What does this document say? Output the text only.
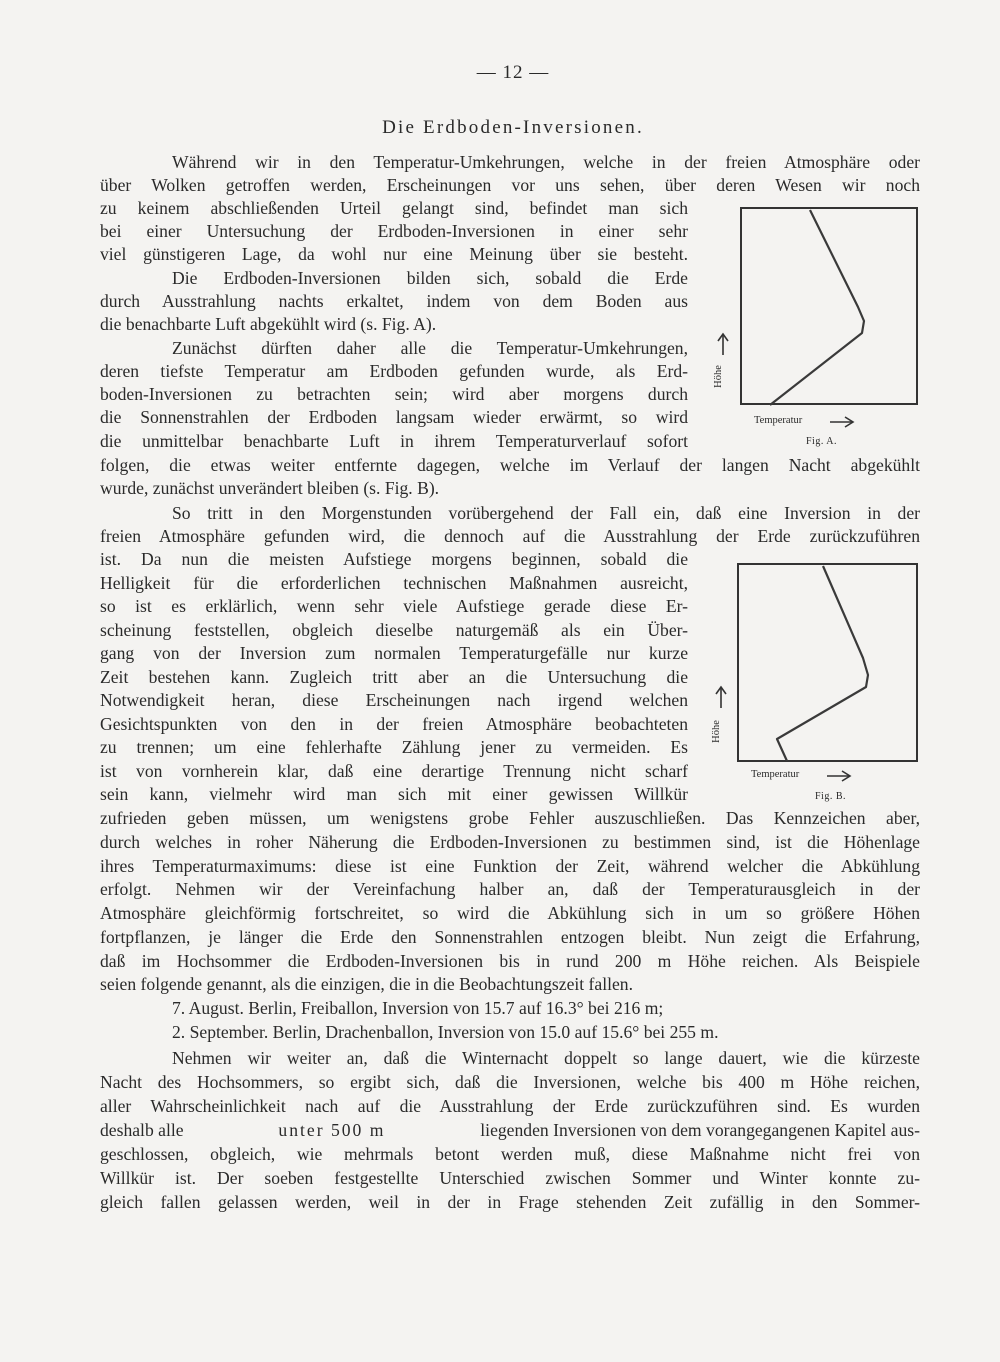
— 12 —
Die Erdboden-Inversionen.
Während wir in den Temperatur-Umkehrungen, welche in der freien Atmosphäre oder
über Wolken getroffen werden, Erscheinungen vor uns sehen, über deren Wesen wir noch
zu keinem abschließenden Urteil gelangt sind, befindet man sich
bei einer Untersuchung der Erdboden-Inversionen in einer sehr
viel günstigeren Lage, da wohl nur eine Meinung über sie besteht.
Die Erdboden-Inversionen bilden sich, sobald die Erde
durch Ausstrahlung nachts erkaltet, indem von dem Boden aus
die benachbarte Luft abgekühlt wird (s. Fig. A).
Zunächst dürften daher alle die Temperatur-Umkehrungen,
deren tiefste Temperatur am Erdboden gefunden wurde, als Erd-
boden-Inversionen zu betrachten sein; wird aber morgens durch
die Sonnenstrahlen der Erdboden langsam wieder erwärmt, so wird
die unmittelbar benachbarte Luft in ihrem Temperaturverlauf sofort
folgen, die etwas weiter entfernte dagegen, welche im Verlauf der langen Nacht abgekühlt
wurde, zunächst unverändert bleiben (s. Fig. B).
So tritt in den Morgenstunden vorübergehend der Fall ein, daß eine Inversion in der
freien Atmosphäre gefunden wird, die dennoch auf die Ausstrahlung der Erde zurückzuführen
ist. Da nun die meisten Aufstiege morgens beginnen, sobald die
Helligkeit für die erforderlichen technischen Maßnahmen ausreicht,
so ist es erklärlich, wenn sehr viele Aufstiege gerade diese Er-
scheinung feststellen, obgleich dieselbe naturgemäß als ein Über-
gang von der Inversion zum normalen Temperaturgefälle nur kurze
Zeit bestehen kann. Zugleich tritt aber an die Untersuchung die
Notwendigkeit heran, diese Erscheinungen nach irgend welchen
Gesichtspunkten von den in der freien Atmosphäre beobachteten
zu trennen; um eine fehlerhafte Zählung jener zu vermeiden. Es
ist von vornherein klar, daß eine derartige Trennung nicht scharf
sein kann, vielmehr wird man sich mit einer gewissen Willkür
zufrieden geben müssen, um wenigstens grobe Fehler auszuschließen. Das Kennzeichen aber,
durch welches in roher Näherung die Erdboden-Inversionen zu bestimmen sind, ist die Höhenlage
ihres Temperaturmaximums: diese ist eine Funktion der Zeit, während welcher die Abkühlung
erfolgt. Nehmen wir der Vereinfachung halber an, daß der Temperaturausgleich in der
Atmosphäre gleichförmig fortschreitet, so wird die Abkühlung sich in um so größere Höhen
fortpflanzen, je länger die Erde den Sonnenstrahlen entzogen bleibt. Nun zeigt die Erfahrung,
daß im Hochsommer die Erdboden-Inversionen bis in rund 200 m Höhe reichen. Als Beispiele
seien folgende genannt, als die einzigen, die in die Beobachtungszeit fallen.
7. August. Berlin, Freiballon, Inversion von 15.7 auf 16.3° bei 216 m;
2. September. Berlin, Drachenballon, Inversion von 15.0 auf 15.6° bei 255 m.
Nehmen wir weiter an, daß die Winternacht doppelt so lange dauert, wie die kürzeste
Nacht des Hochsommers, so ergibt sich, daß die Inversionen, welche bis 400 m Höhe reichen,
aller Wahrscheinlichkeit nach auf die Ausstrahlung der Erde zurückzuführen sind. Es wurden
deshalb alle	unter 500 m	liegenden Inversionen von dem vorangegangenen Kapitel aus-
geschlossen, obgleich, wie mehrmals betont werden muß, diese Maßnahme nicht frei von
Willkür ist. Der soeben festgestellte Unterschied zwischen Sommer und Winter konnte zu-
gleich fallen gelassen werden, weil in der in Frage stehenden Zeit zufällig in den Sommer-
Höhe
Temperatur
Fig. A.
Höhe
Temperatur
Fig. B.
